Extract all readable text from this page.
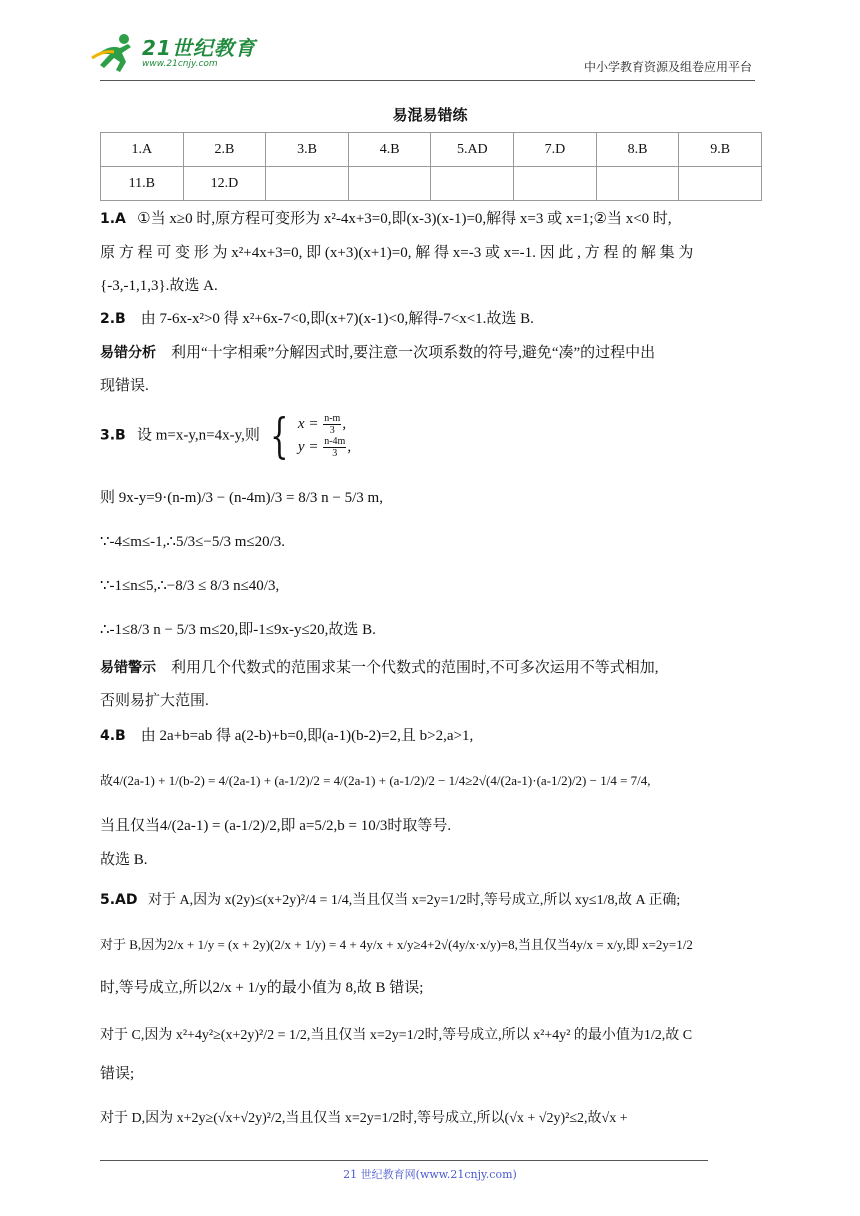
21世纪教育
www.21cnjy.com	中小学教育资源及组卷应用平台
易混易错练
1.A	2.B	3.B	4.B	5.AD	7.D	8.B	9.B
11.B	12.D						
1.A ①当 x≥0 时,原方程可变形为 x²-4x+3=0,即(x-3)(x-1)=0,解得 x=3 或 x=1;②当 x<0 时,
原 方 程 可 变 形 为 x²+4x+3=0, 即 (x+3)(x+1)=0, 解 得 x=-3 或 x=-1. 因 此 , 方 程 的 解 集 为
{-3,-1,1,3}.故选 A.
2.B 由 7-6x-x²>0 得 x²+6x-7<0,即(x+7)(x-1)<0,解得-7<x<1.故选 B.
易错分析 利用“十字相乘”分解因式时,要注意一次项系数的符号,避免“凑”的过程中出
现错误.
3.B 设 m=x-y,n=4x-y,则 { $x = \frac{n-m}{3}$ ,
$y = \frac{n-4m}{3}$ ,
则 9x-y=9·(n-m)/3 − (n-4m)/3 = 8/3 n − 5/3 m,
∵-4≤m≤-1,∴5/3≤−5/3 m≤20/3.
∵-1≤n≤5,∴−8/3 ≤ 8/3 n≤40/3,
∴-1≤8/3 n − 5/3 m≤20,即-1≤9x-y≤20,故选 B.
易错警示 利用几个代数式的范围求某一个代数式的范围时,不可多次运用不等式相加,
否则易扩大范围.
4.B 由 2a+b=ab 得 a(2-b)+b=0,即(a-1)(b-2)=2,且 b>2,a>1,
故4/(2a-1) + 1/(b-2) = 4/(2a-1) + (a-1/2)/2 = 4/(2a-1) + (a-1/2)/2 − 1/4≥2√(4/(2a-1)·(a-1/2)/2) − 1/4 = 7/4,
当且仅当4/(2a-1) = (a-1/2)/2,即 a=5/2,b = 10/3时取等号.
故选 B.
5.AD 对于 A,因为 x(2y)≤(x+2y)²/4 = 1/4,当且仅当 x=2y=1/2时,等号成立,所以 xy≤1/8,故 A 正确;
对于 B,因为2/x + 1/y = (x + 2y)(2/x + 1/y) = 4 + 4y/x + x/y≥4+2√(4y/x·x/y)=8,当且仅当4y/x = x/y,即 x=2y=1/2
时,等号成立,所以2/x + 1/y的最小值为 8,故 B 错误;
对于 C,因为 x²+4y²≥(x+2y)²/2 = 1/2,当且仅当 x=2y=1/2时,等号成立,所以 x²+4y² 的最小值为1/2,故 C
错误;
对于 D,因为 x+2y≥(√x+√2y)²/2,当且仅当 x=2y=1/2时,等号成立,所以(√x + √2y)²≤2,故√x +
21 世纪教育网(www.21cnjy.com)
